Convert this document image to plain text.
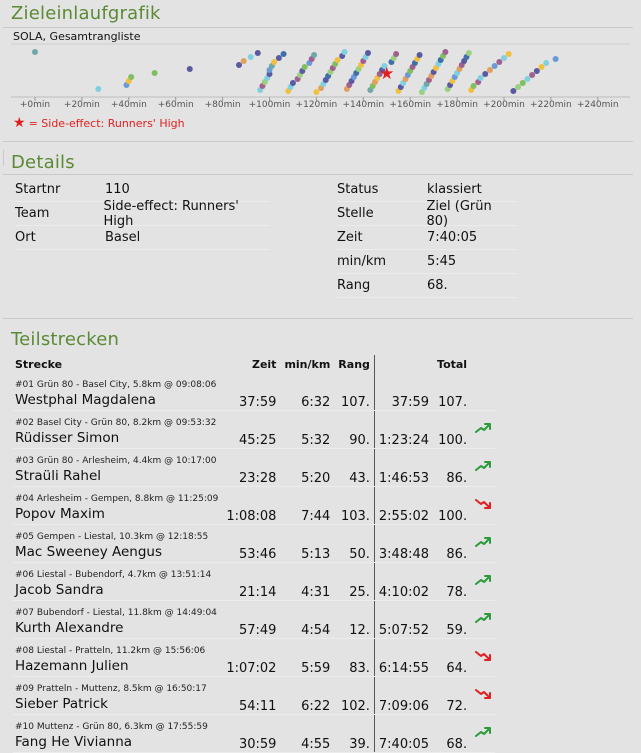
Zieleinlaufgrafik
SOLA, Gesamtrangliste
+0min +20min +40min +60min +80min +100min +120min +140min +160min +180min +200min +220min +240min
★
★ = Side-effect: Runners' High
Details
Startnr	110
Team	Side-effect: Runners' High
Ort	Basel
Status	klassiert
Stelle	Ziel (Grün 80)
Zeit	7:40:05
min/km	5:45
Rang	68.
Teilstrecken
Strecke	Zeit	min/km	Rang			Total	

#01 Grün 80 - Basel City, 5.8km @ 09:08:06
Westphal Magdalena	37:59	6:32	107.		37:59	107.	

#02 Basel City - Grün 80, 8.2km @ 09:53:32
Rüdisser Simon	45:25	5:32	90.		1:23:24	100.	

#03 Grün 80 - Arlesheim, 4.4km @ 10:17:00
Straüli Rahel	23:28	5:20	43.		1:46:53	86.	

#04 Arlesheim - Gempen, 8.8km @ 11:25:09
Popov Maxim	1:08:08	7:44	103.		2:55:02	100.	

#05 Gempen - Liestal, 10.3km @ 12:18:55
Mac Sweeney Aengus	53:46	5:13	50.		3:48:48	86.	

#06 Liestal - Bubendorf, 4.7km @ 13:51:14
Jacob Sandra	21:14	4:31	25.		4:10:02	78.	

#07 Bubendorf - Liestal, 11.8km @ 14:49:04
Kurth Alexandre	57:49	4:54	12.		5:07:52	59.	

#08 Liestal - Pratteln, 11.2km @ 15:56:06
Hazemann Julien	1:07:02	5:59	83.		6:14:55	64.	

#09 Pratteln - Muttenz, 8.5km @ 16:50:17
Sieber Patrick	54:11	6:22	102.		7:09:06	72.	

#10 Muttenz - Grün 80, 6.3km @ 17:55:59
Fang He Vivianna	30:59	4:55	39.		7:40:05	68.	
